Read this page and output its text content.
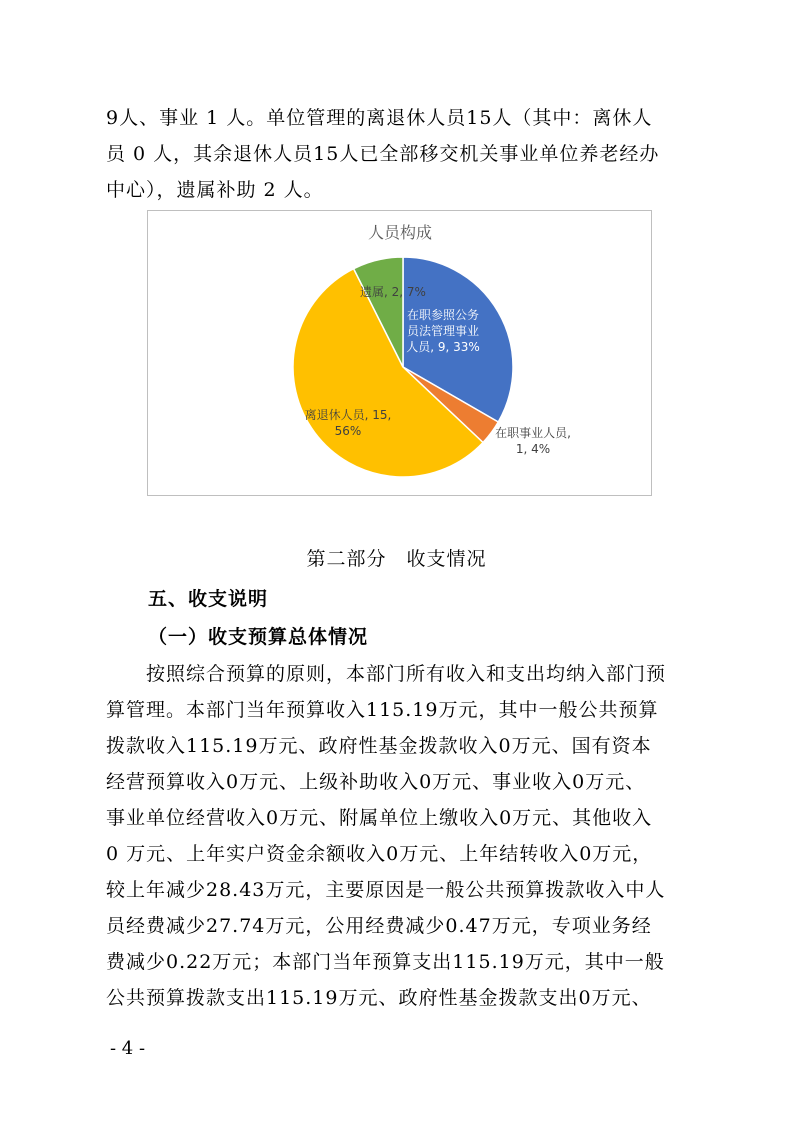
9人、事业 1 人。单位管理的离退休人员15人（其中：离休人
员 0 人，其余退休人员15人已全部移交机关事业单位养老经办
中心），遗属补助 2 人。
人员构成
在职参照公务员法管理事业人员, 9, 33%
在职事业人员, 1, 4%
离退休人员, 15, 56%
遗属, 2, 7%
第二部分　收支情况
五、收支说明
（一）收支预算总体情况
　　按照综合预算的原则，本部门所有收入和支出均纳入部门预
算管理。本部门当年预算收入115.19万元，其中一般公共预算
拨款收入115.19万元、政府性基金拨款收入0万元、国有资本
经营预算收入0万元、上级补助收入0万元、事业收入0万元、
事业单位经营收入0万元、附属单位上缴收入0万元、其他收入
0 万元、上年实户资金余额收入0万元、上年结转收入0万元，
较上年减少28.43万元，主要原因是一般公共预算拨款收入中人
员经费减少27.74万元，公用经费减少0.47万元，专项业务经
费减少0.22万元；本部门当年预算支出115.19万元，其中一般
公共预算拨款支出115.19万元、政府性基金拨款支出0万元、
- 4 -
